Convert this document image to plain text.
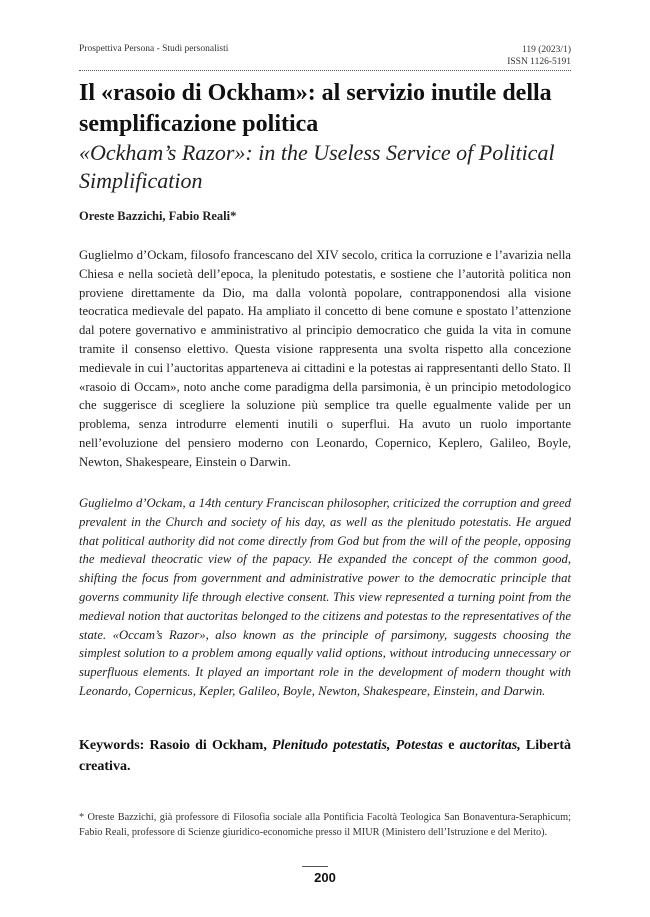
Prospettiva Persona - Studi personalisti	119 (2023/1)
ISSN 1126-5191
Il «rasoio di Ockham»: al servizio inutile della semplificazione politica
«Ockham’s Razor»: in the Useless Service of Political Simplification
Oreste Bazzichi, Fabio Reali*

Guglielmo d’Ockam, filosofo francescano del XIV secolo, critica la corruzione e l’avarizia nella Chiesa e nella società dell’epoca, la plenitudo potestatis, e sostiene che l’autorità politica non proviene direttamente da Dio, ma dalla volontà popolare, contrapponendosi alla visione teocratica medievale del papato. Ha ampliato il concetto di bene comune e spostato l’attenzione dal potere governativo e amministrativo al principio democratico che guida la vita in comune tramite il consenso elettivo. Questa visione rappresenta una svolta rispetto alla concezione medievale in cui l’auctoritas apparteneva ai cittadini e la potestas ai rappresentanti dello Stato. Il «rasoio di Occam», noto anche come paradigma della parsimonia, è un principio metodologico che suggerisce di scegliere la soluzione più semplice tra quelle egualmente valide per un problema, senza introdurre elementi inutili o superflui. Ha avuto un ruolo importante nell’evoluzione del pensiero moderno con Leonardo, Copernico, Keplero, Galileo, Boyle, Newton, Shakespeare, Einstein o Darwin.

Guglielmo d’Ockam, a 14th century Franciscan philosopher, criticized the corruption and greed prevalent in the Church and society of his day, as well as the plenitudo potestatis. He argued that political authority did not come directly from God but from the will of the people, opposing the medieval theocratic view of the papacy. He expanded the concept of the common good, shifting the focus from government and administrative power to the democratic principle that governs community life through elective consent. This view represented a turning point from the medieval notion that auctoritas belonged to the citizens and potestas to the representatives of the state. «Occam’s Razor», also known as the principle of parsimony, suggests choosing the simplest solution to a problem among equally valid options, without introducing unnecessary or superfluous elements. It played an important role in the development of modern thought with Leonardo, Copernicus, Kepler, Galileo, Boyle, Newton, Shakespeare, Einstein, and Darwin.

Keywords: Rasoio di Ockham, Plenitudo potestatis, Potestas e auctoritas, Libertà creativa.
* Oreste Bazzichi, già professore di Filosofia sociale alla Pontificia Facoltà Teologica San Bonaventura-Seraphicum; Fabio Reali, professore di Scienze giuridico-economiche presso il MIUR (Ministero dell’Istruzione e del Merito).
200
